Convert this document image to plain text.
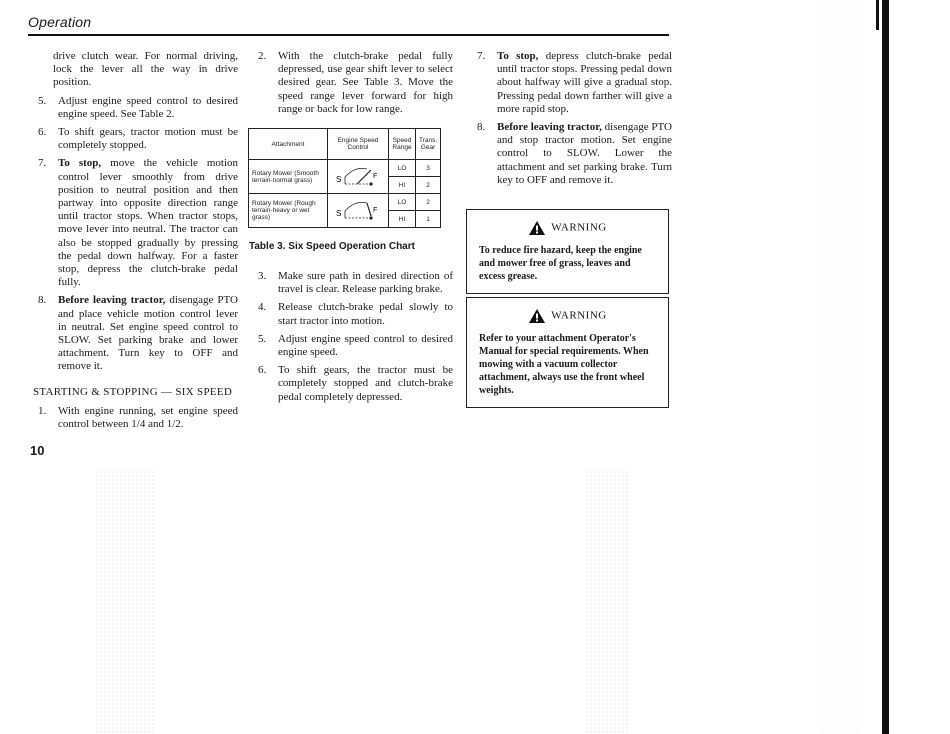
Operation
drive clutch wear. For normal driving, lock the lever all the way in drive position.
5.	Adjust engine speed control to desired engine speed. See Table 2.
6.	To shift gears, tractor motion must be completely stopped.
7.	To stop, move the vehicle motion control lever smoothly from drive position to neutral position and then partway into opposite direction range until tractor stops. When tractor stops, move lever into neutral. The tractor can also be stopped gradually by pressing the pedal down halfway. For a faster stop, depress the clutch-brake pedal fully.
8.	Before leaving tractor, disengage PTO and place vehicle motion control lever in neutral. Set engine speed control to SLOW. Set parking brake and lower attachment. Turn key to OFF and remove it.
STARTING & STOPPING — SIX SPEED
1.	With engine running, set engine speed control between 1/4 and 1/2.
2.	With the clutch-brake pedal fully depressed, use gear shift lever to select desired gear. See Table 3. Move the speed range lever forward for high range or back for low range.
Attachment	Engine Speed Control	Speed Range	Trans. Gear
Rotary Mower (Smooth terrain-normal grass)	S F	LO	3
		HI	2
Rotary Mower (Rough terrain-heavy or wet grass)	S F	LO	2
		HI	1
Table 3. Six Speed Operation Chart
3.	Make sure path in desired direction of travel is clear. Release parking brake.
4.	Release clutch-brake pedal slowly to start tractor into motion.
5.	Adjust engine speed control to desired engine speed.
6.	To shift gears, the tractor must be completely stopped and clutch-brake pedal completely depressed.
7.	To stop, depress clutch-brake pedal until tractor stops. Pressing pedal down about halfway will give a gradual stop. Pressing pedal down farther will give a more rapid stop.
8.	Before leaving tractor, disengage PTO and stop tractor motion. Set engine control to SLOW. Lower the attachment and set parking brake. Turn key to OFF and remove it.
WARNING
To reduce fire hazard, keep the engine and mower free of grass, leaves and excess grease.
WARNING
Refer to your attachment Operator's Manual for special requirements. When mowing with a vacuum collector attachment, always use the front wheel weights.
10
